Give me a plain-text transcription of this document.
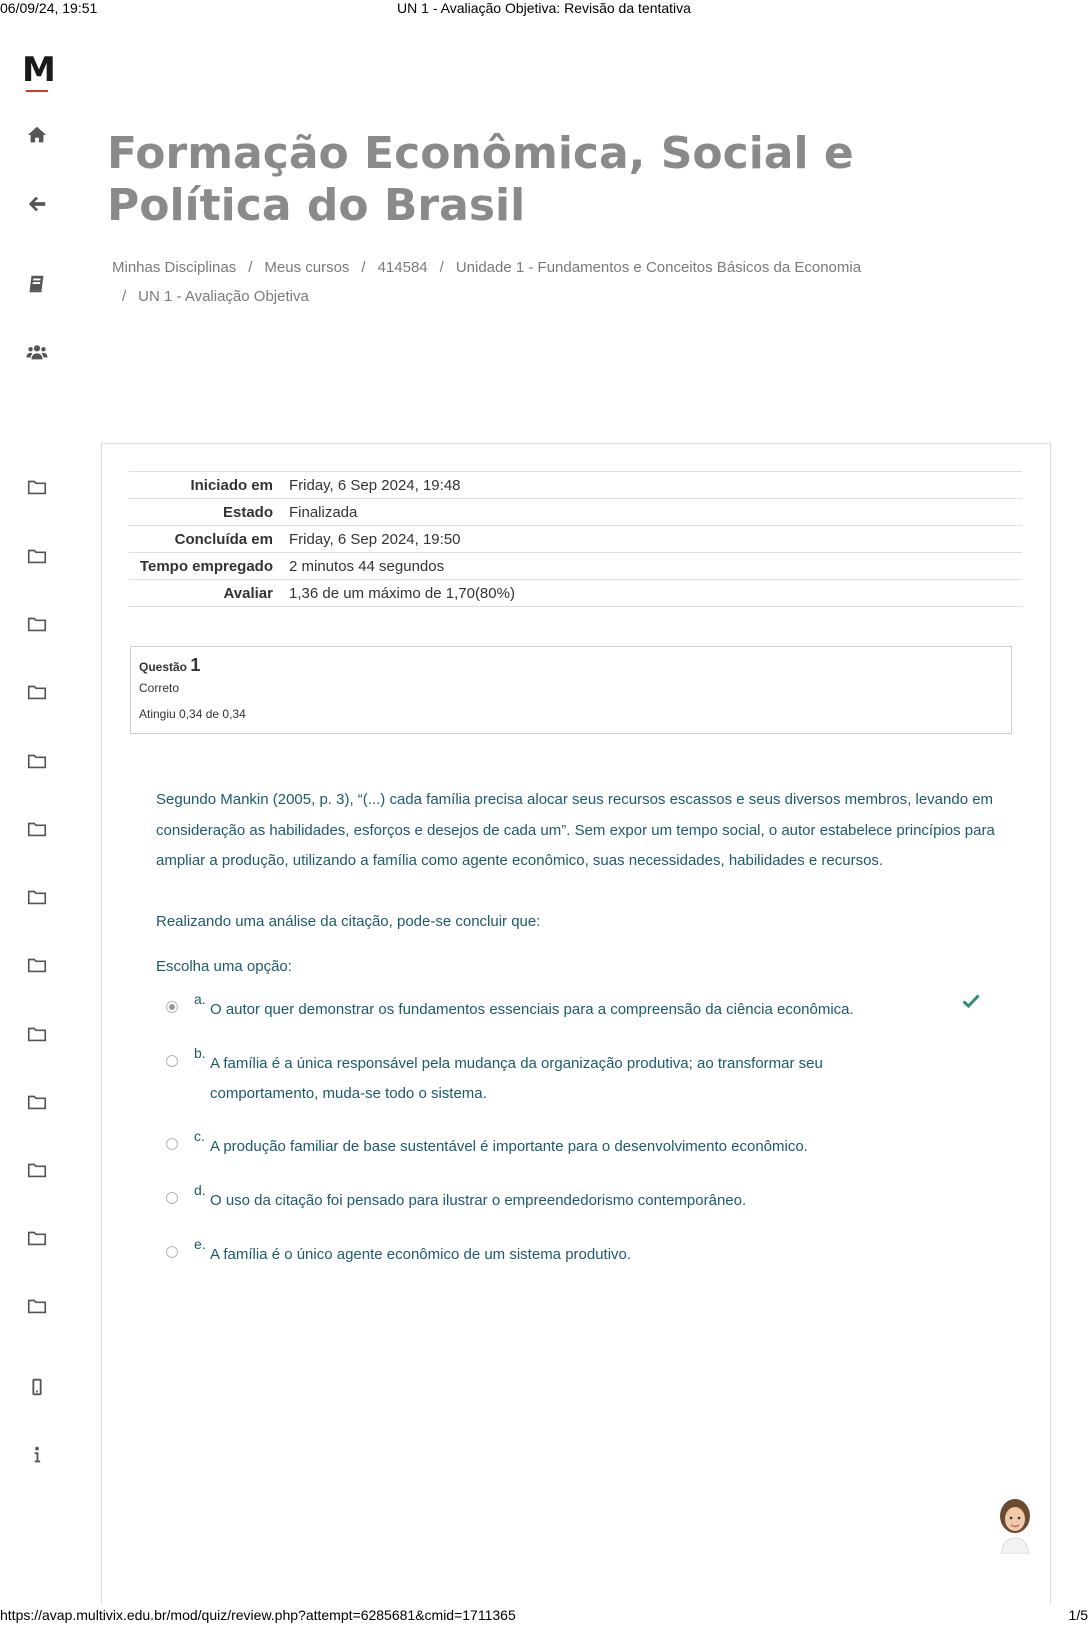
06/09/24, 19:51	UN 1 - Avaliação Objetiva: Revisão da tentativa
M
Formação Econômica, Social e Política do Brasil
Minhas Disciplinas / Meus cursos / 414584 / Unidade 1 - Fundamentos e Conceitos Básicos da Economia
/ UN 1 - Avaliação Objetiva
Iniciado em	Friday, 6 Sep 2024, 19:48
Estado	Finalizada
Concluída em	Friday, 6 Sep 2024, 19:50
Tempo empregado	2 minutos 44 segundos
Avaliar	1,36 de um máximo de 1,70(80%)
Questão 1
Correto
Atingiu 0,34 de 0,34
Segundo Mankin (2005, p. 3), “(...) cada família precisa alocar seus recursos escassos e seus diversos membros, levando em consideração as habilidades, esforços e desejos de cada um”. Sem expor um tempo social, o autor estabelece princípios para ampliar a produção, utilizando a família como agente econômico, suas necessidades, habilidades e recursos.
Realizando uma análise da citação, pode-se concluir que:
Escolha uma opção:
a.
O autor quer demonstrar os fundamentos essenciais para a compreensão da ciência econômica.
b.
A família é a única responsável pela mudança da organização produtiva; ao transformar seu comportamento, muda-se todo o sistema.
c.
A produção familiar de base sustentável é importante para o desenvolvimento econômico.
d.
O uso da citação foi pensado para ilustrar o empreendedorismo contemporâneo.
e.
A família é o único agente econômico de um sistema produtivo.
https://avap.multivix.edu.br/mod/quiz/review.php?attempt=6285681&cmid=1711365	1/5
